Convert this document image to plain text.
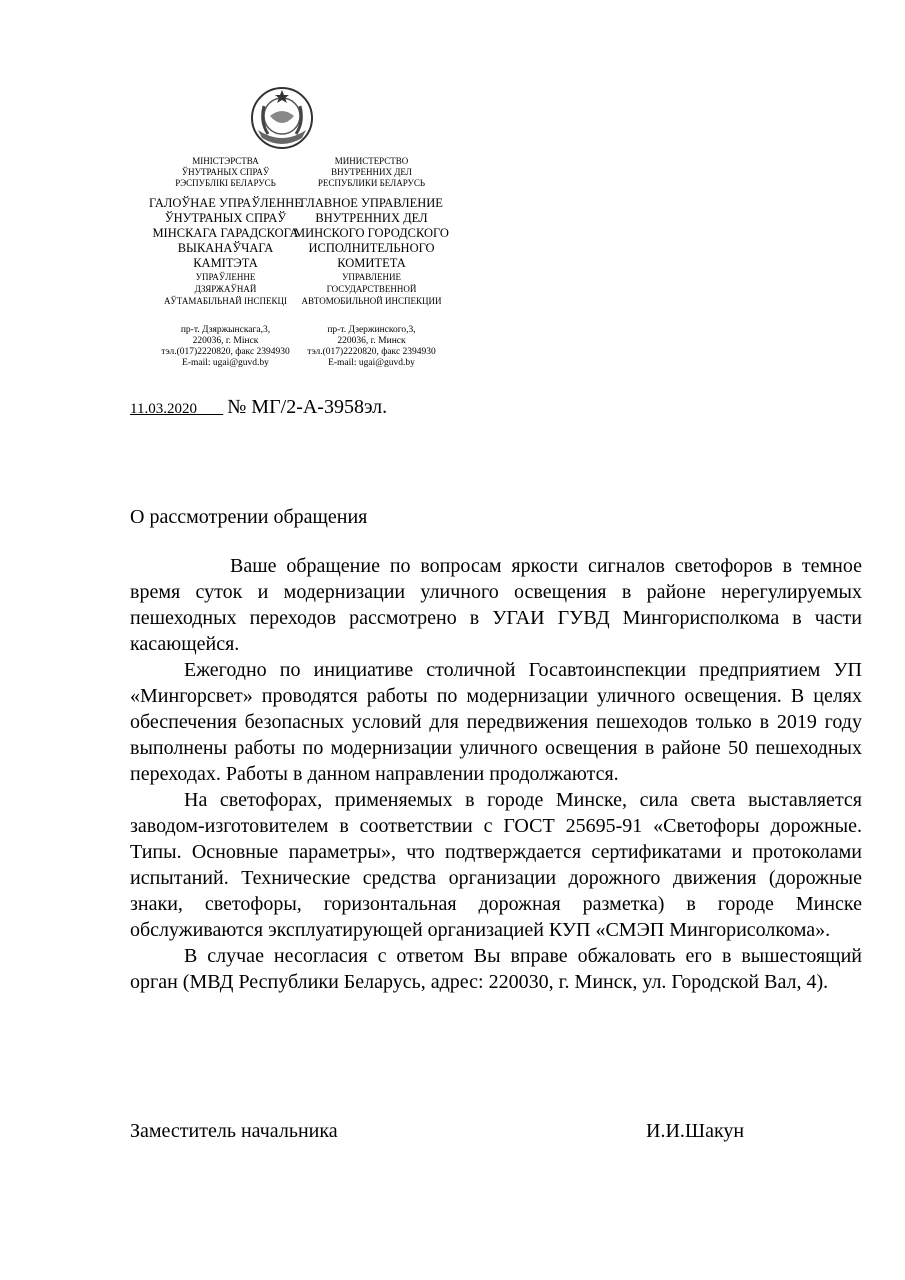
МІНІСТЭРСТВА
ЎНУТРАНЫХ СПРАЎ
РЭСПУБЛІКІ БЕЛАРУСЬ
ГАЛОЎНАЕ УПРАЎЛЕННЕ
ЎНУТРАНЫХ СПРАЎ
МІНСКАГА ГАРАДСКОГА
ВЫКАНАЎЧАГА
КАМІТЭТА
УПРАЎЛЕННЕ
ДЗЯРЖАЎНАЙ
АЎТАМАБІЛЬНАЙ ІНСПЕКЦІ
пр-т. Дзяржынскага,3,
220036, г. Мінск
тэл.(017)2220820, факс 2394930
E-mail: ugai@guvd.by
МИНИСТЕРСТВО
ВНУТРЕННИХ ДЕЛ
РЕСПУБЛИКИ БЕЛАРУСЬ
ГЛАВНОЕ УПРАВЛЕНИЕ
ВНУТРЕННИХ ДЕЛ
МИНСКОГО ГОРОДСКОГО
ИСПОЛНИТЕЛЬНОГО
КОМИТЕТА
УПРАВЛЕНИЕ
ГОСУДАРСТВЕННОЙ
АВТОМОБИЛЬНОЙ ИНСПЕКЦИИ
пр-т. Дзержинского,3,
220036, г. Минск
тэл.(017)2220820, факс 2394930
E-mail: ugai@guvd.by
11.03.2020 № МГ/2-А-3958эл.
О рассмотрении обращения

Ваше обращение по вопросам яркости сигналов светофоров в темное время суток и модернизации уличного освещения в районе нерегулируемых пешеходных переходов рассмотрено в УГАИ ГУВД Мингорисполкома в части касающейся.

Ежегодно по инициативе столичной Госавтоинспекции предприятием УП «Мингорсвет» проводятся работы по модернизации уличного освещения. В целях обеспечения безопасных условий для передвижения пешеходов только в 2019 году выполнены работы по модернизации уличного освещения в районе 50 пешеходных переходах. Работы в данном направлении продолжаются.

На светофорах, применяемых в городе Минске, сила света выставляется заводом-изготовителем в соответствии с ГОСТ 25695-91 «Светофоры дорожные. Типы. Основные параметры», что подтверждается сертификатами и протоколами испытаний. Технические средства организации дорожного движения (дорожные знаки, светофоры, горизонтальная дорожная разметка) в городе Минске обслуживаются эксплуатирующей организацией КУП «СМЭП Мингорисолкома».

В случае несогласия с ответом Вы вправе обжаловать его в вышестоящий орган (МВД Республики Беларусь, адрес: 220030, г. Минск, ул. Городской Вал, 4).

Заместитель начальника	И.И.Шакун
